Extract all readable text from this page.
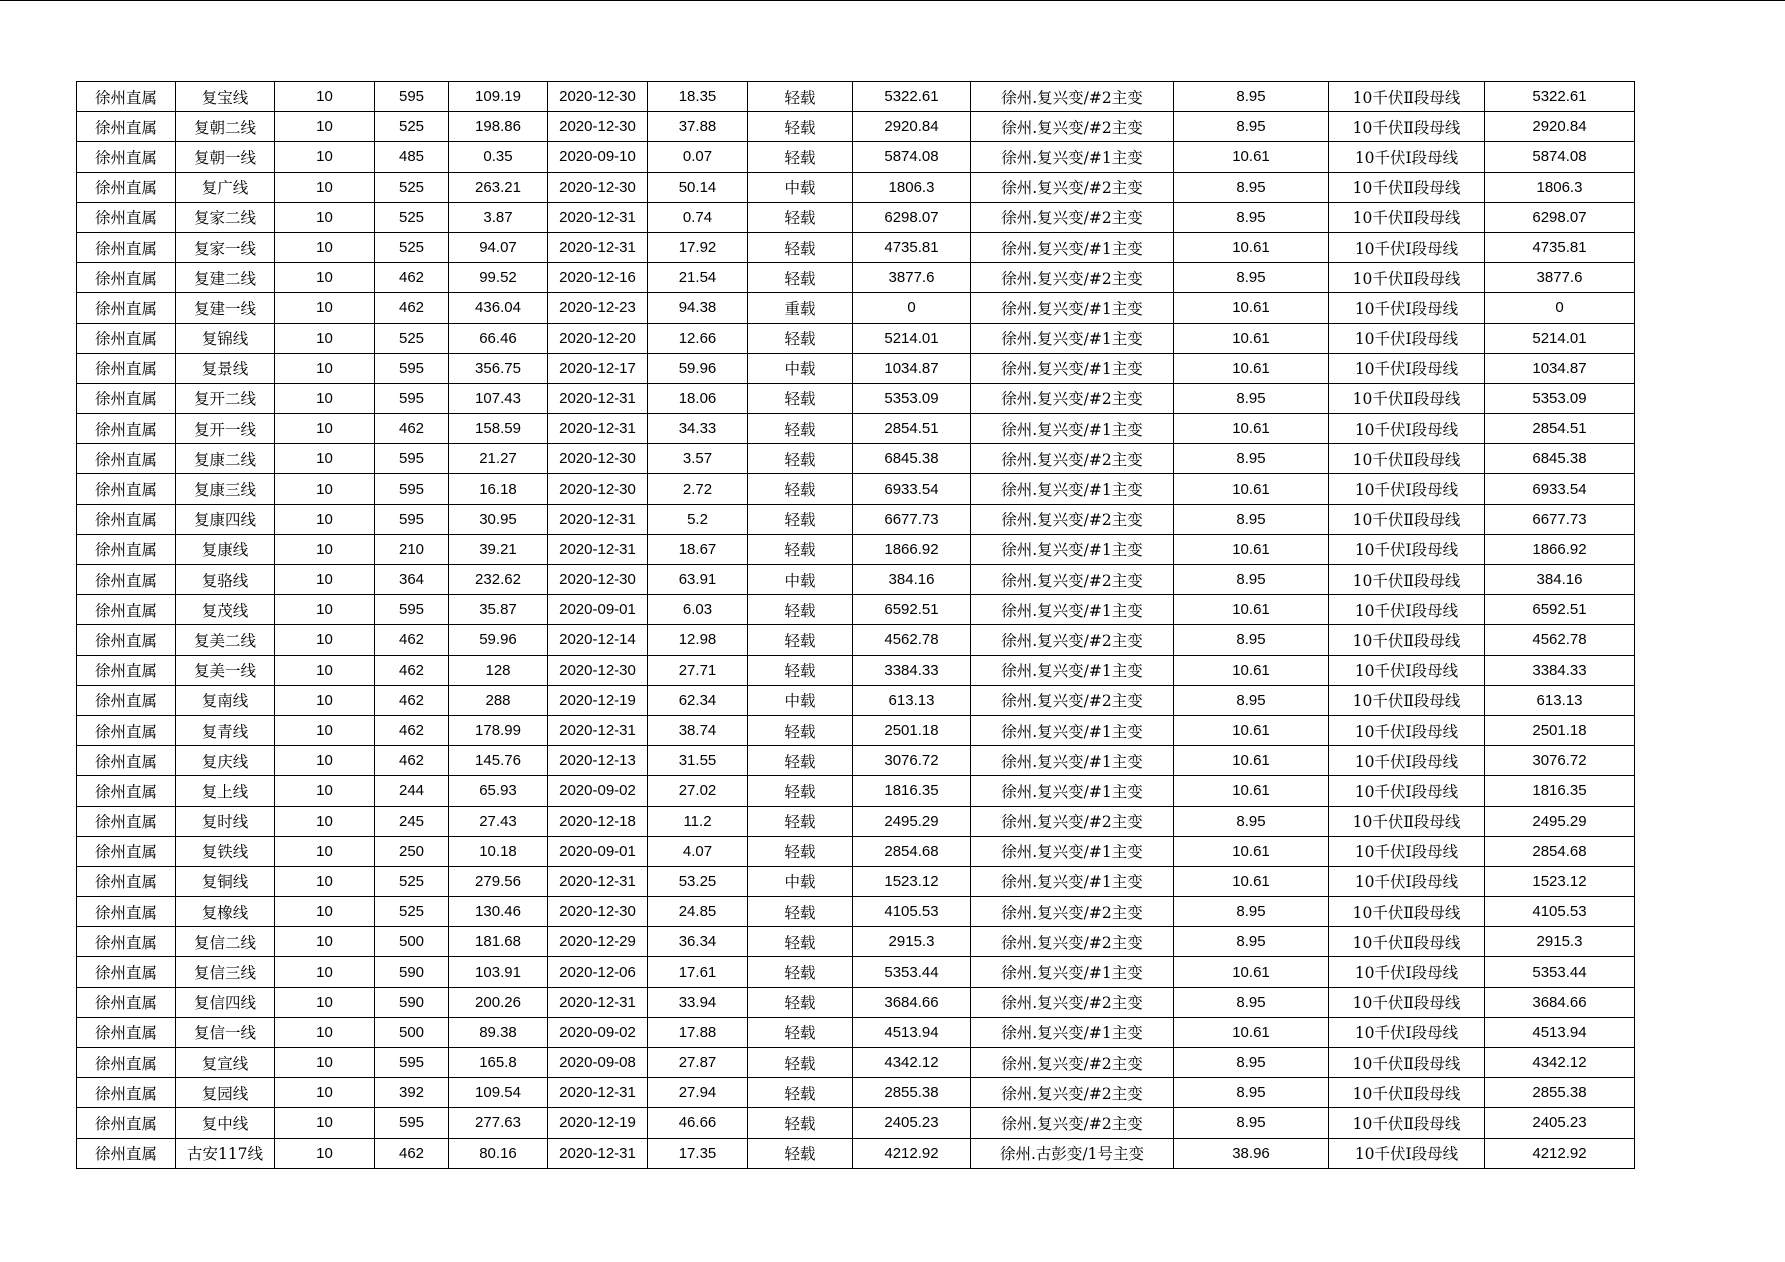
徐州直属	复宝线	10	595	109.19	2020-12-30	18.35	轻载	5322.61	徐州.复兴变/#2主变	8.95	10千伏Ⅱ段母线	5322.61
徐州直属	复朝二线	10	525	198.86	2020-12-30	37.88	轻载	2920.84	徐州.复兴变/#2主变	8.95	10千伏Ⅱ段母线	2920.84
徐州直属	复朝一线	10	485	0.35	2020-09-10	0.07	轻载	5874.08	徐州.复兴变/#1主变	10.61	10千伏Ⅰ段母线	5874.08
徐州直属	复广线	10	525	263.21	2020-12-30	50.14	中载	1806.3	徐州.复兴变/#2主变	8.95	10千伏Ⅱ段母线	1806.3
徐州直属	复家二线	10	525	3.87	2020-12-31	0.74	轻载	6298.07	徐州.复兴变/#2主变	8.95	10千伏Ⅱ段母线	6298.07
徐州直属	复家一线	10	525	94.07	2020-12-31	17.92	轻载	4735.81	徐州.复兴变/#1主变	10.61	10千伏Ⅰ段母线	4735.81
徐州直属	复建二线	10	462	99.52	2020-12-16	21.54	轻载	3877.6	徐州.复兴变/#2主变	8.95	10千伏Ⅱ段母线	3877.6
徐州直属	复建一线	10	462	436.04	2020-12-23	94.38	重载	0	徐州.复兴变/#1主变	10.61	10千伏Ⅰ段母线	0
徐州直属	复锦线	10	525	66.46	2020-12-20	12.66	轻载	5214.01	徐州.复兴变/#1主变	10.61	10千伏Ⅰ段母线	5214.01
徐州直属	复景线	10	595	356.75	2020-12-17	59.96	中载	1034.87	徐州.复兴变/#1主变	10.61	10千伏Ⅰ段母线	1034.87
徐州直属	复开二线	10	595	107.43	2020-12-31	18.06	轻载	5353.09	徐州.复兴变/#2主变	8.95	10千伏Ⅱ段母线	5353.09
徐州直属	复开一线	10	462	158.59	2020-12-31	34.33	轻载	2854.51	徐州.复兴变/#1主变	10.61	10千伏Ⅰ段母线	2854.51
徐州直属	复康二线	10	595	21.27	2020-12-30	3.57	轻载	6845.38	徐州.复兴变/#2主变	8.95	10千伏Ⅱ段母线	6845.38
徐州直属	复康三线	10	595	16.18	2020-12-30	2.72	轻载	6933.54	徐州.复兴变/#1主变	10.61	10千伏Ⅰ段母线	6933.54
徐州直属	复康四线	10	595	30.95	2020-12-31	5.2	轻载	6677.73	徐州.复兴变/#2主变	8.95	10千伏Ⅱ段母线	6677.73
徐州直属	复康线	10	210	39.21	2020-12-31	18.67	轻载	1866.92	徐州.复兴变/#1主变	10.61	10千伏Ⅰ段母线	1866.92
徐州直属	复骆线	10	364	232.62	2020-12-30	63.91	中载	384.16	徐州.复兴变/#2主变	8.95	10千伏Ⅱ段母线	384.16
徐州直属	复茂线	10	595	35.87	2020-09-01	6.03	轻载	6592.51	徐州.复兴变/#1主变	10.61	10千伏Ⅰ段母线	6592.51
徐州直属	复美二线	10	462	59.96	2020-12-14	12.98	轻载	4562.78	徐州.复兴变/#2主变	8.95	10千伏Ⅱ段母线	4562.78
徐州直属	复美一线	10	462	128	2020-12-30	27.71	轻载	3384.33	徐州.复兴变/#1主变	10.61	10千伏Ⅰ段母线	3384.33
徐州直属	复南线	10	462	288	2020-12-19	62.34	中载	613.13	徐州.复兴变/#2主变	8.95	10千伏Ⅱ段母线	613.13
徐州直属	复青线	10	462	178.99	2020-12-31	38.74	轻载	2501.18	徐州.复兴变/#1主变	10.61	10千伏Ⅰ段母线	2501.18
徐州直属	复庆线	10	462	145.76	2020-12-13	31.55	轻载	3076.72	徐州.复兴变/#1主变	10.61	10千伏Ⅰ段母线	3076.72
徐州直属	复上线	10	244	65.93	2020-09-02	27.02	轻载	1816.35	徐州.复兴变/#1主变	10.61	10千伏Ⅰ段母线	1816.35
徐州直属	复时线	10	245	27.43	2020-12-18	11.2	轻载	2495.29	徐州.复兴变/#2主变	8.95	10千伏Ⅱ段母线	2495.29
徐州直属	复铁线	10	250	10.18	2020-09-01	4.07	轻载	2854.68	徐州.复兴变/#1主变	10.61	10千伏Ⅰ段母线	2854.68
徐州直属	复铜线	10	525	279.56	2020-12-31	53.25	中载	1523.12	徐州.复兴变/#1主变	10.61	10千伏Ⅰ段母线	1523.12
徐州直属	复橡线	10	525	130.46	2020-12-30	24.85	轻载	4105.53	徐州.复兴变/#2主变	8.95	10千伏Ⅱ段母线	4105.53
徐州直属	复信二线	10	500	181.68	2020-12-29	36.34	轻载	2915.3	徐州.复兴变/#2主变	8.95	10千伏Ⅱ段母线	2915.3
徐州直属	复信三线	10	590	103.91	2020-12-06	17.61	轻载	5353.44	徐州.复兴变/#1主变	10.61	10千伏Ⅰ段母线	5353.44
徐州直属	复信四线	10	590	200.26	2020-12-31	33.94	轻载	3684.66	徐州.复兴变/#2主变	8.95	10千伏Ⅱ段母线	3684.66
徐州直属	复信一线	10	500	89.38	2020-09-02	17.88	轻载	4513.94	徐州.复兴变/#1主变	10.61	10千伏Ⅰ段母线	4513.94
徐州直属	复宣线	10	595	165.8	2020-09-08	27.87	轻载	4342.12	徐州.复兴变/#2主变	8.95	10千伏Ⅱ段母线	4342.12
徐州直属	复园线	10	392	109.54	2020-12-31	27.94	轻载	2855.38	徐州.复兴变/#2主变	8.95	10千伏Ⅱ段母线	2855.38
徐州直属	复中线	10	595	277.63	2020-12-19	46.66	轻载	2405.23	徐州.复兴变/#2主变	8.95	10千伏Ⅱ段母线	2405.23
徐州直属	古安117线	10	462	80.16	2020-12-31	17.35	轻载	4212.92	徐州.古彭变/1号主变	38.96	10千伏Ⅰ段母线	4212.92
